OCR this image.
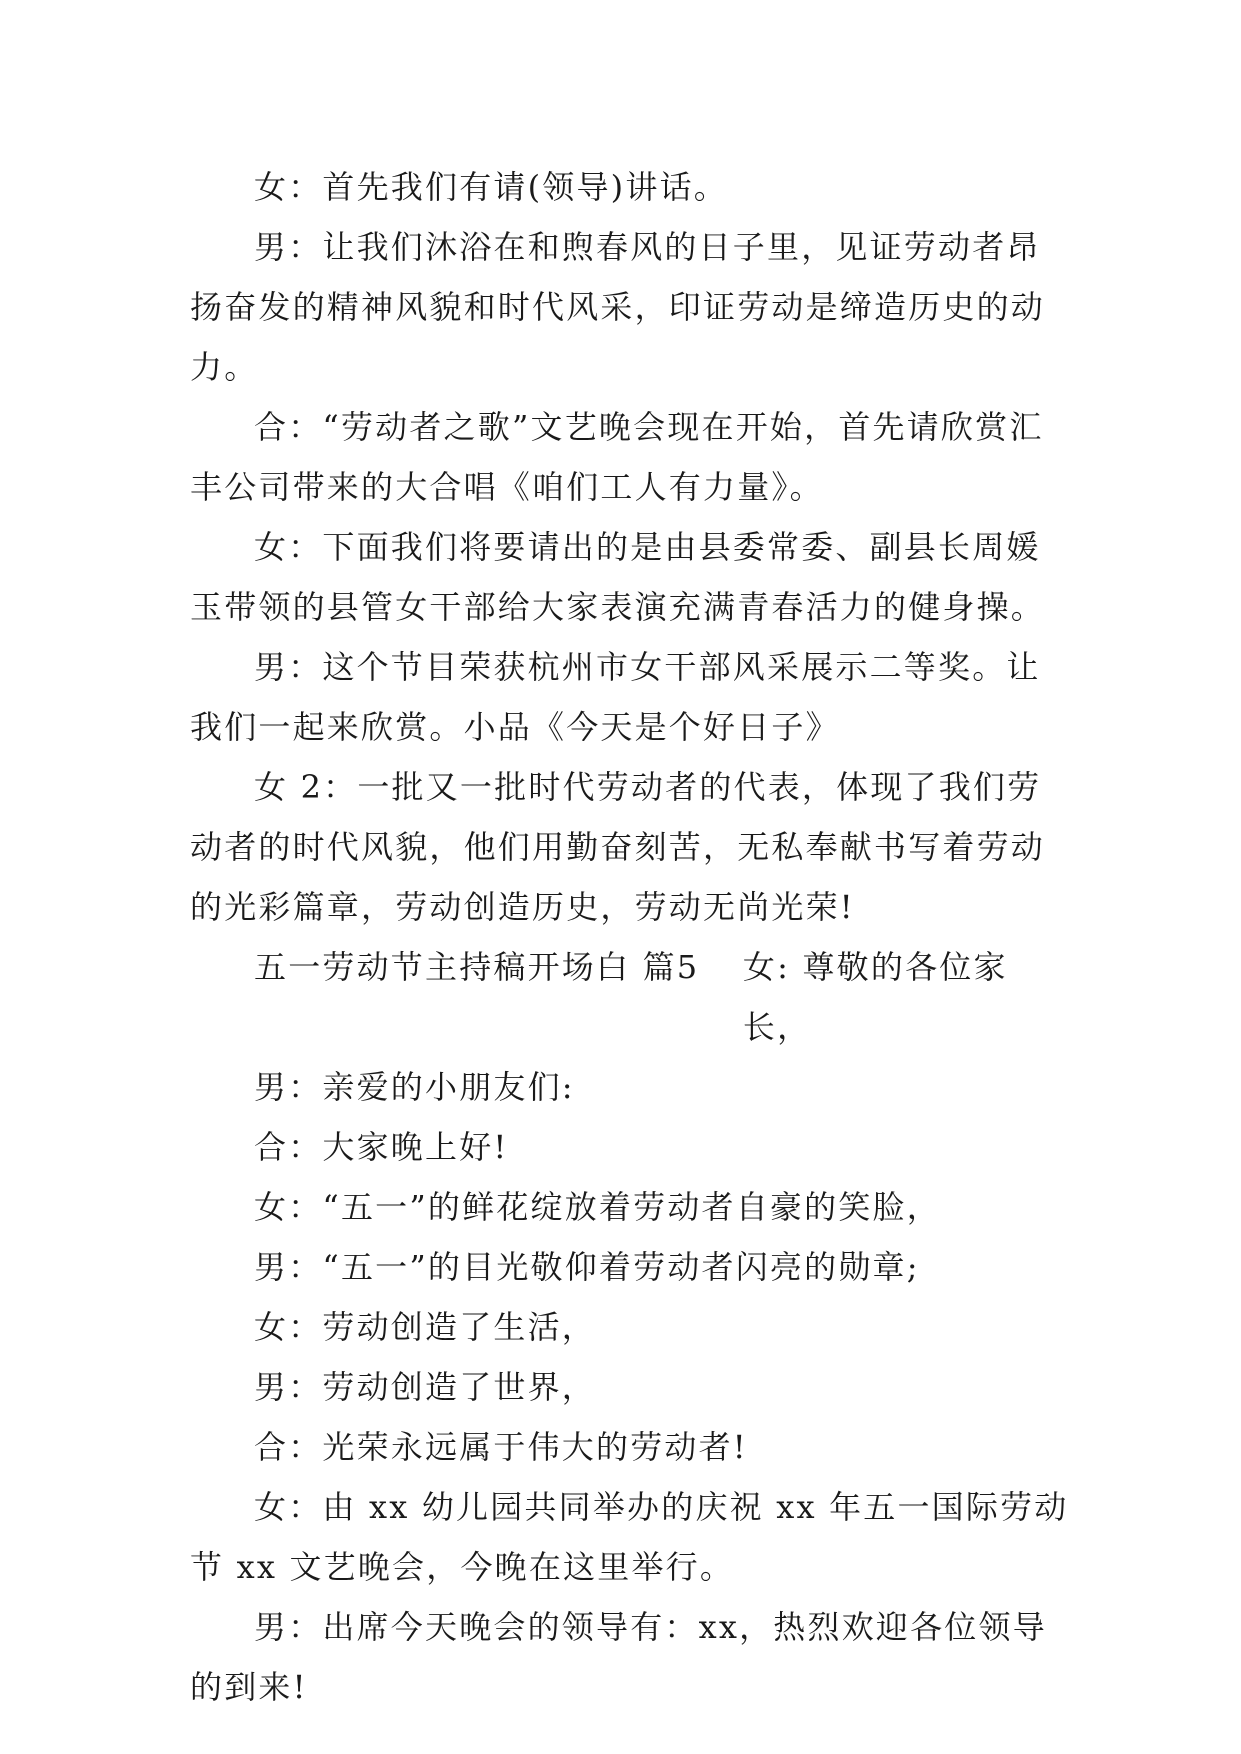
女：首先我们有请(领导)讲话。

男：让我们沐浴在和煦春风的日子里，见证劳动者昂扬奋发的精神风貌和时代风采，印证劳动是缔造历史的动力。

合：“劳动者之歌”文艺晚会现在开始，首先请欣赏汇丰公司带来的大合唱《咱们工人有力量》。

女：下面我们将要请出的是由县委常委、副县长周媛玉带领的县管女干部给大家表演充满青春活力的健身操。

男：这个节目荣获杭州市女干部风采展示二等奖。让我们一起来欣赏。小品《今天是个好日子》

女 2：一批又一批时代劳动者的代表，体现了我们劳动者的时代风貌，他们用勤奋刻苦，无私奉献书写着劳动的光彩篇章，劳动创造历史，劳动无尚光荣!

五一劳动节主持稿开场白 篇5	女: 尊敬的各位家长，

男：亲爱的小朋友们:

合：大家晚上好!

女：“五一”的鲜花绽放着劳动者自豪的笑脸，

男：“五一”的目光敬仰着劳动者闪亮的勋章;

女：劳动创造了生活，

男：劳动创造了世界，

合：光荣永远属于伟大的劳动者!

女：由 xx 幼儿园共同举办的庆祝 xx 年五一国际劳动节 xx 文艺晚会，今晚在这里举行。

男：出席今天晚会的领导有：xx，热烈欢迎各位领导的到来!
